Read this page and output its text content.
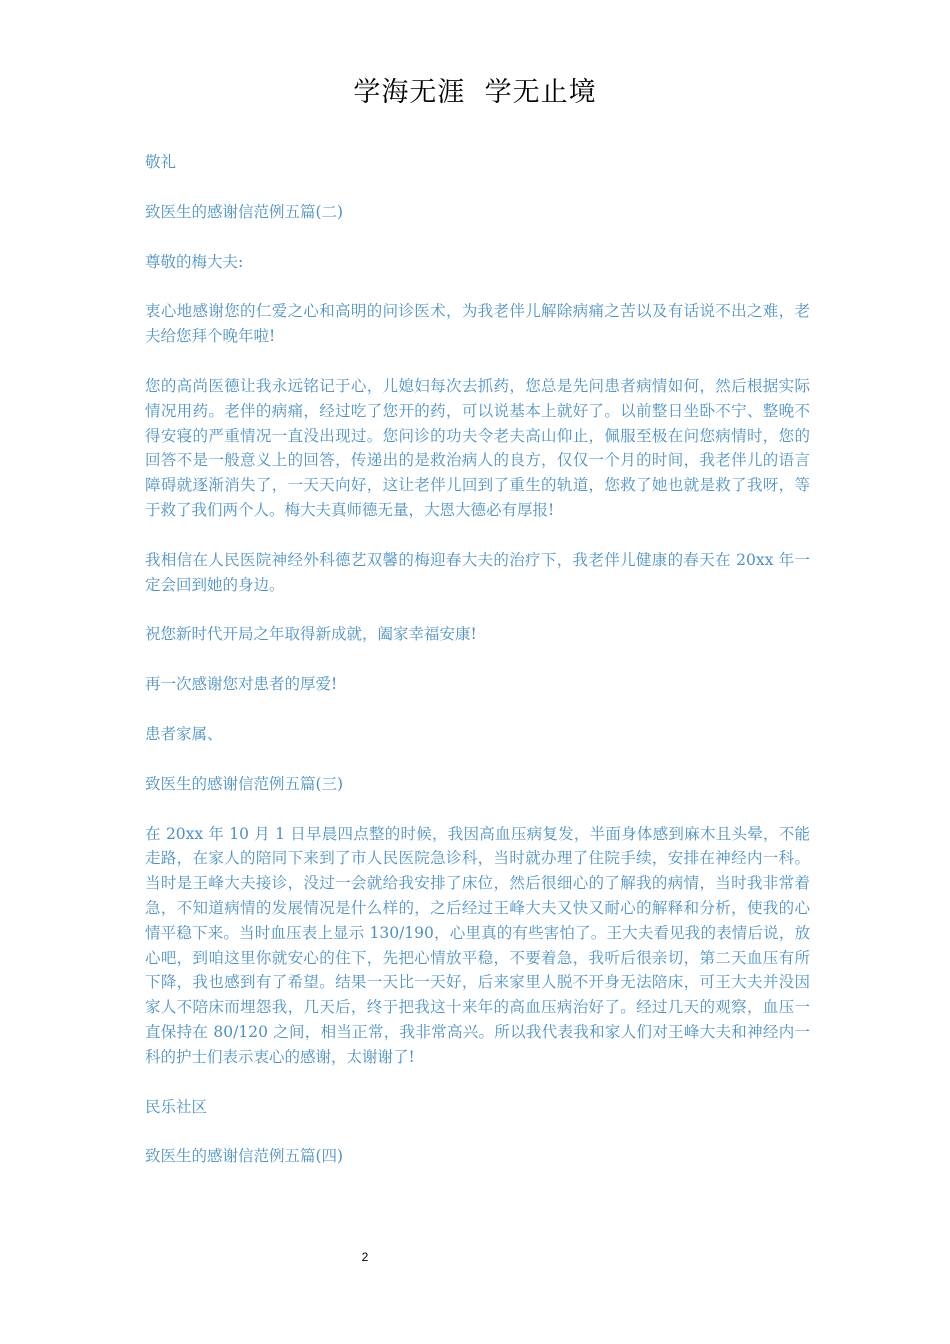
学海无涯  学无止境

敬礼

致医生的感谢信范例五篇(二)

尊敬的梅大夫:

衷心地感谢您的仁爱之心和高明的问诊医术，为我老伴儿解除病痛之苦以及有话说不出之难，老夫给您拜个晚年啦!

您的高尚医德让我永远铭记于心，儿媳妇每次去抓药，您总是先问患者病情如何，然后根据实际情况用药。老伴的病痛，经过吃了您开的药，可以说基本上就好了。以前整日坐卧不宁、整晚不得安寝的严重情况一直没出现过。您问诊的功夫令老夫高山仰止，佩服至极在问您病情时，您的回答不是一般意义上的回答，传递出的是救治病人的良方，仅仅一个月的时间，我老伴儿的语言障碍就逐渐消失了，一天天向好，这让老伴儿回到了重生的轨道，您救了她也就是救了我呀，等于救了我们两个人。梅大夫真师德无量，大恩大德必有厚报!

我相信在人民医院神经外科德艺双馨的梅迎春大夫的治疗下，我老伴儿健康的春天在 20xx 年一定会回到她的身边。

祝您新时代开局之年取得新成就，阖家幸福安康!

再一次感谢您对患者的厚爱!

患者家属、

致医生的感谢信范例五篇(三)

在 20xx 年 10 月 1 日早晨四点整的时候，我因高血压病复发，半面身体感到麻木且头晕，不能走路，在家人的陪同下来到了市人民医院急诊科，当时就办理了住院手续，安排在神经内一科。当时是王峰大夫接诊，没过一会就给我安排了床位，然后很细心的了解我的病情，当时我非常着急，不知道病情的发展情况是什么样的，之后经过王峰大夫又快又耐心的解释和分析，使我的心情平稳下来。当时血压表上显示 130/190，心里真的有些害怕了。王大夫看见我的表情后说，放心吧，到咱这里你就安心的住下，先把心情放平稳，不要着急，我听后很亲切，第二天血压有所下降，我也感到有了希望。结果一天比一天好，后来家里人脱不开身无法陪床，可王大夫并没因家人不陪床而埋怨我，几天后，终于把我这十来年的高血压病治好了。经过几天的观察，血压一直保持在 80/120 之间，相当正常，我非常高兴。所以我代表我和家人们对王峰大夫和神经内一科的护士们表示衷心的感谢，太谢谢了!

民乐社区

致医生的感谢信范例五篇(四)

2
